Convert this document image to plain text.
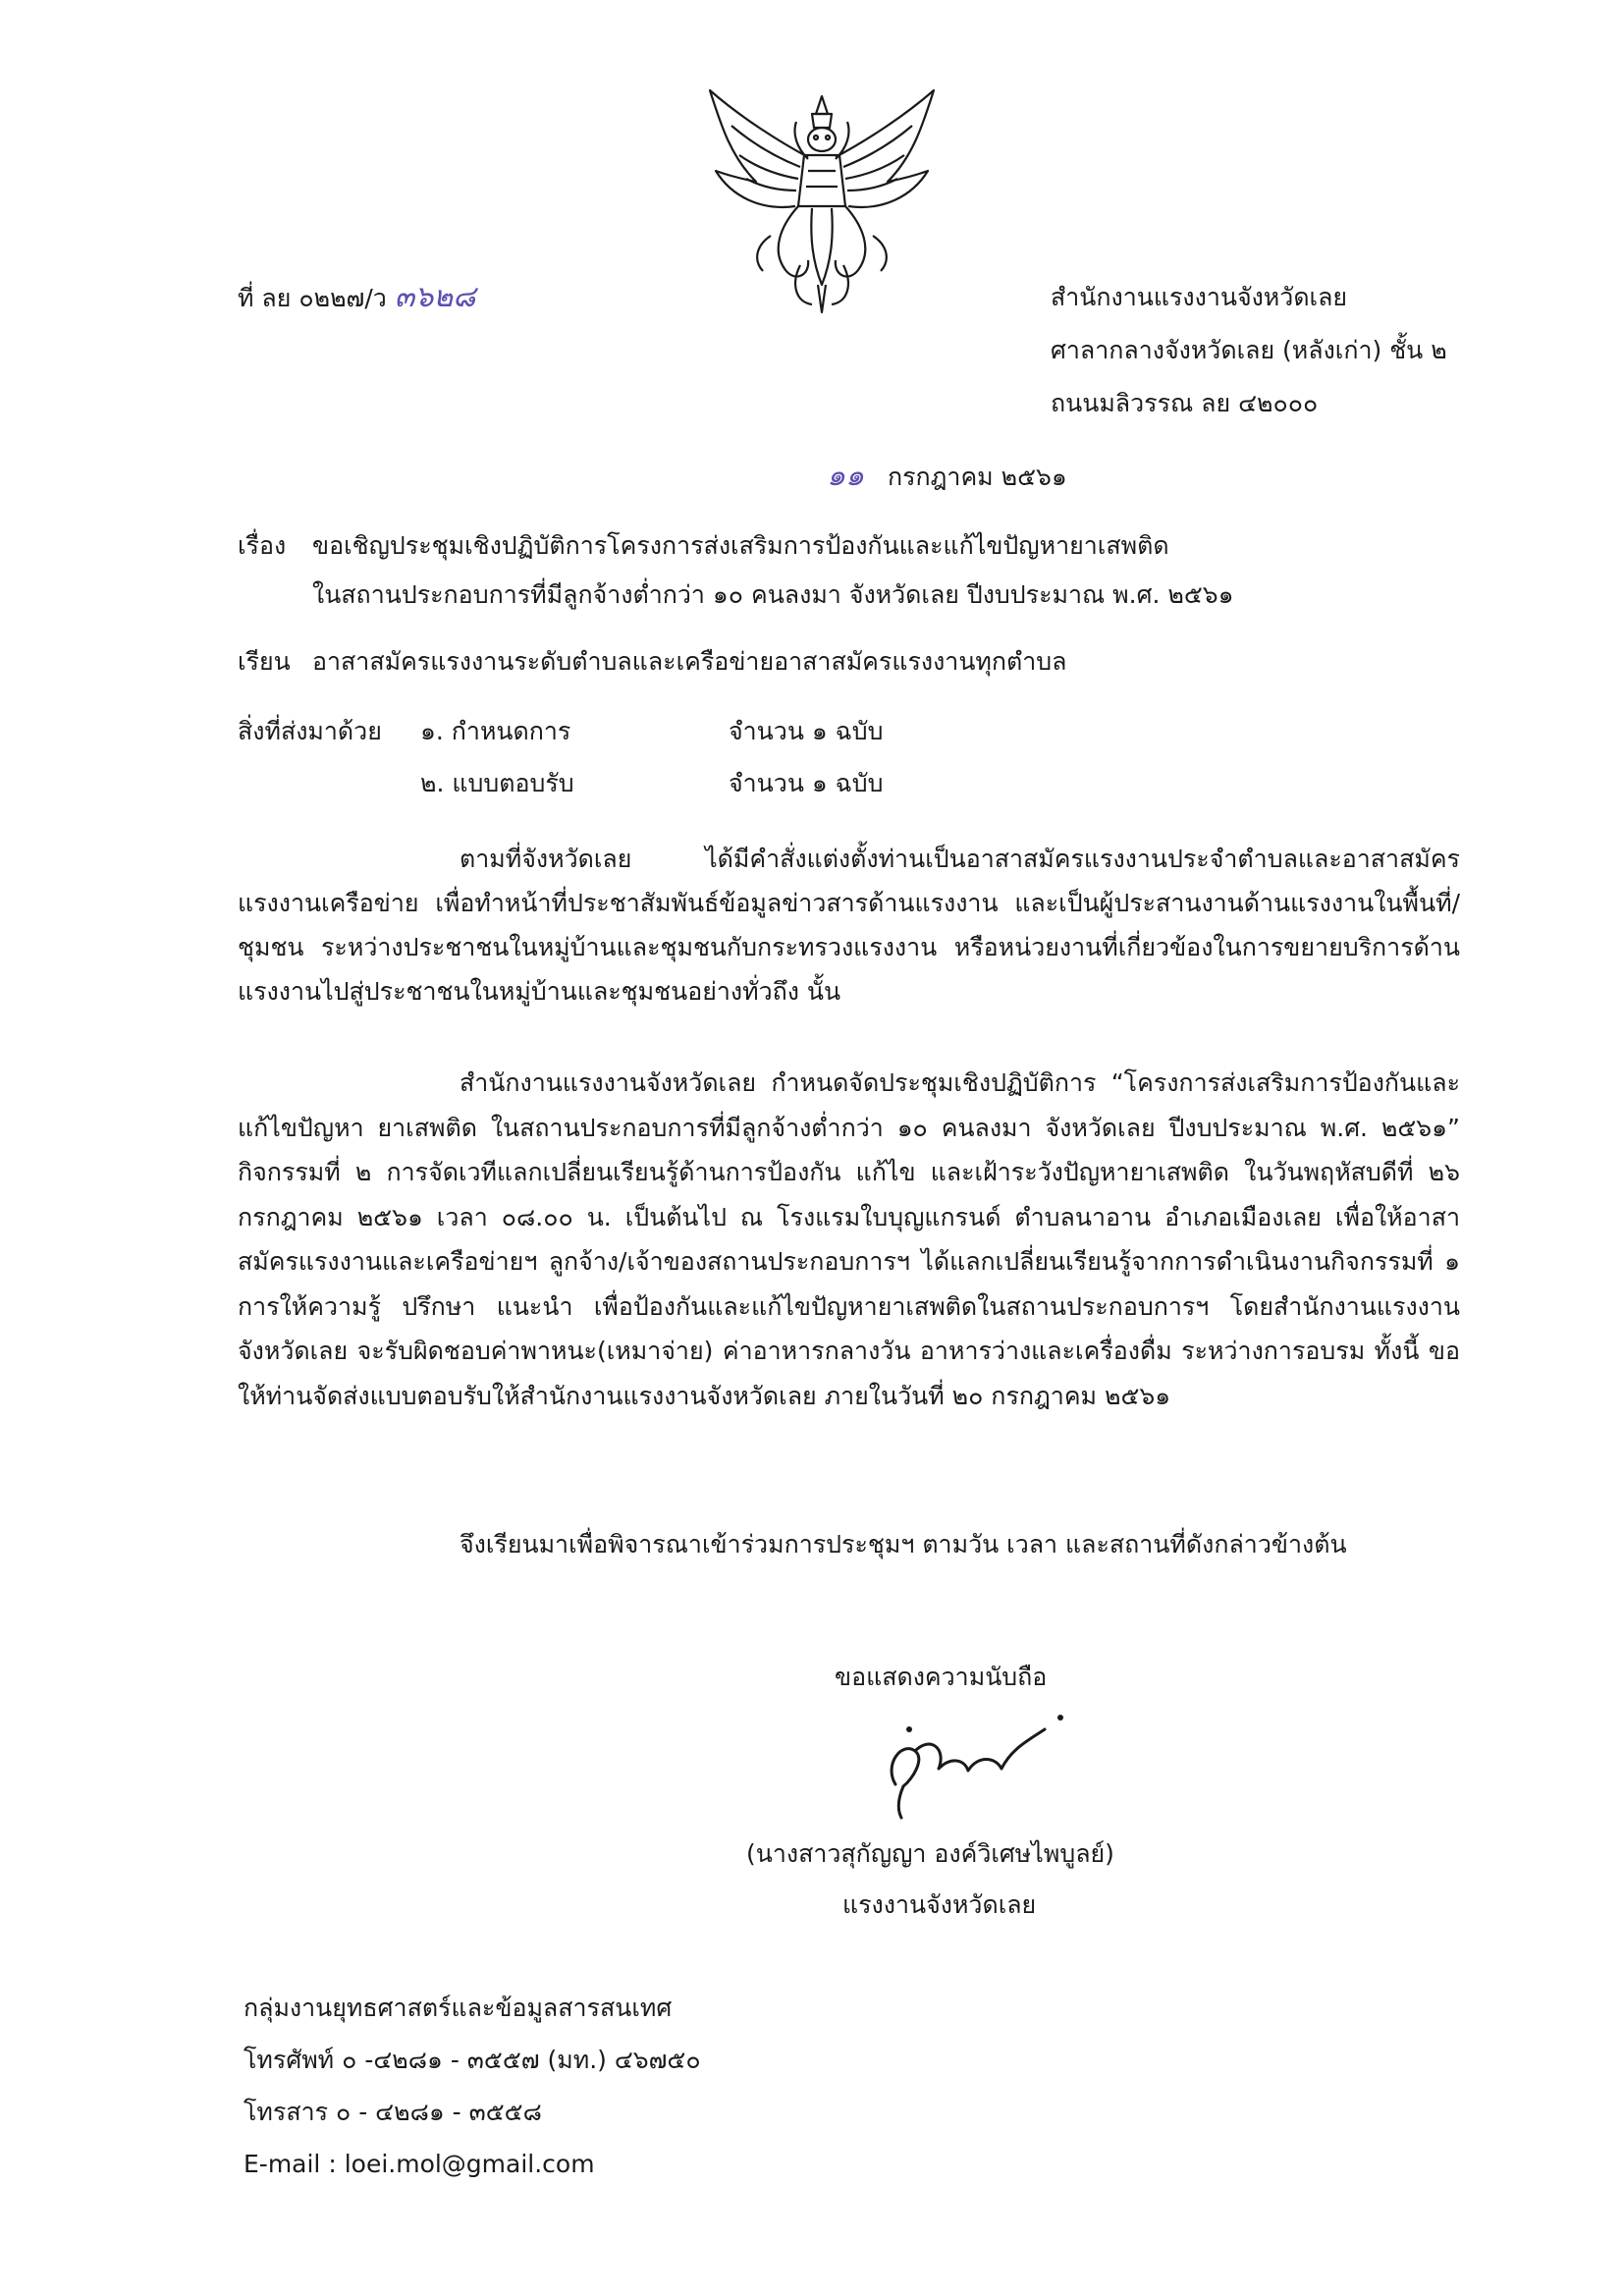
ที่ ลย ๐๒๒๗/ว ๓๖๒๘	สำนักงานแรงงานจังหวัดเลย
ศาลากลางจังหวัดเลย (หลังเก่า) ชั้น ๒
ถนนมลิวรรณ ลย ๔๒๐๐๐
๑๑ กรกฎาคม ๒๕๖๑
เรื่อง ขอเชิญประชุมเชิงปฏิบัติการโครงการส่งเสริมการป้องกันและแก้ไขปัญหายาเสพติด
ในสถานประกอบการที่มีลูกจ้างต่ำกว่า ๑๐ คนลงมา จังหวัดเลย ปีงบประมาณ พ.ศ. ๒๕๖๑
เรียน อาสาสมัครแรงงานระดับตำบลและเครือข่ายอาสาสมัครแรงงานทุกตำบล
สิ่งที่ส่งมาด้วย ๑. กำหนดการ	จำนวน ๑ ฉบับ
๒. แบบตอบรับ	จำนวน ๑ ฉบับ
ตามที่จังหวัดเลย ได้มีคำสั่งแต่งตั้งท่านเป็นอาสาสมัครแรงงานประจำตำบลและอาสาสมัครแรงงานเครือข่าย เพื่อทำหน้าที่ประชาสัมพันธ์ข้อมูลข่าวสารด้านแรงงาน และเป็นผู้ประสานงานด้านแรงงานในพื้นที่/ชุมชน ระหว่างประชาชนในหมู่บ้านและชุมชนกับกระทรวงแรงงาน หรือหน่วยงานที่เกี่ยวข้องในการขยายบริการด้านแรงงานไปสู่ประชาชนในหมู่บ้านและชุมชนอย่างทั่วถึง นั้น
สำนักงานแรงงานจังหวัดเลย กำหนดจัดประชุมเชิงปฏิบัติการ “โครงการส่งเสริมการป้องกันและแก้ไขปัญหา ยาเสพติด ในสถานประกอบการที่มีลูกจ้างต่ำกว่า ๑๐ คนลงมา จังหวัดเลย ปีงบประมาณ พ.ศ. ๒๕๖๑” กิจกรรมที่ ๒ การจัดเวทีแลกเปลี่ยนเรียนรู้ด้านการป้องกัน แก้ไข และเฝ้าระวังปัญหายาเสพติด ในวันพฤหัสบดีที่ ๒๖ กรกฎาคม ๒๕๖๑ เวลา ๐๘.๐๐ น. เป็นต้นไป ณ โรงแรมใบบุญแกรนด์ ตำบลนาอาน อำเภอเมืองเลย เพื่อให้อาสาสมัครแรงงานและเครือข่ายฯ ลูกจ้าง/เจ้าของสถานประกอบการฯ ได้แลกเปลี่ยนเรียนรู้จากการดำเนินงานกิจกรรมที่ ๑ การให้ความรู้ ปรึกษา แนะนำ เพื่อป้องกันและแก้ไขปัญหายาเสพติดในสถานประกอบการฯ โดยสำนักงานแรงงานจังหวัดเลย จะรับผิดชอบค่าพาหนะ(เหมาจ่าย) ค่าอาหารกลางวัน อาหารว่างและเครื่องดื่ม ระหว่างการอบรม ทั้งนี้ ขอให้ท่านจัดส่งแบบตอบรับให้สำนักงานแรงงานจังหวัดเลย ภายในวันที่ ๒๐ กรกฎาคม ๒๕๖๑
จึงเรียนมาเพื่อพิจารณาเข้าร่วมการประชุมฯ ตามวัน เวลา และสถานที่ดังกล่าวข้างต้น
ขอแสดงความนับถือ
(นางสาวสุกัญญา องค์วิเศษไพบูลย์)
แรงงานจังหวัดเลย
กลุ่มงานยุทธศาสตร์และข้อมูลสารสนเทศ
โทรศัพท์ ๐ -๔๒๘๑ - ๓๕๕๗ (มท.) ๔๖๗๕๐
โทรสาร ๐ - ๔๒๘๑ - ๓๕๕๘
E-mail : loei.mol@gmail.com
